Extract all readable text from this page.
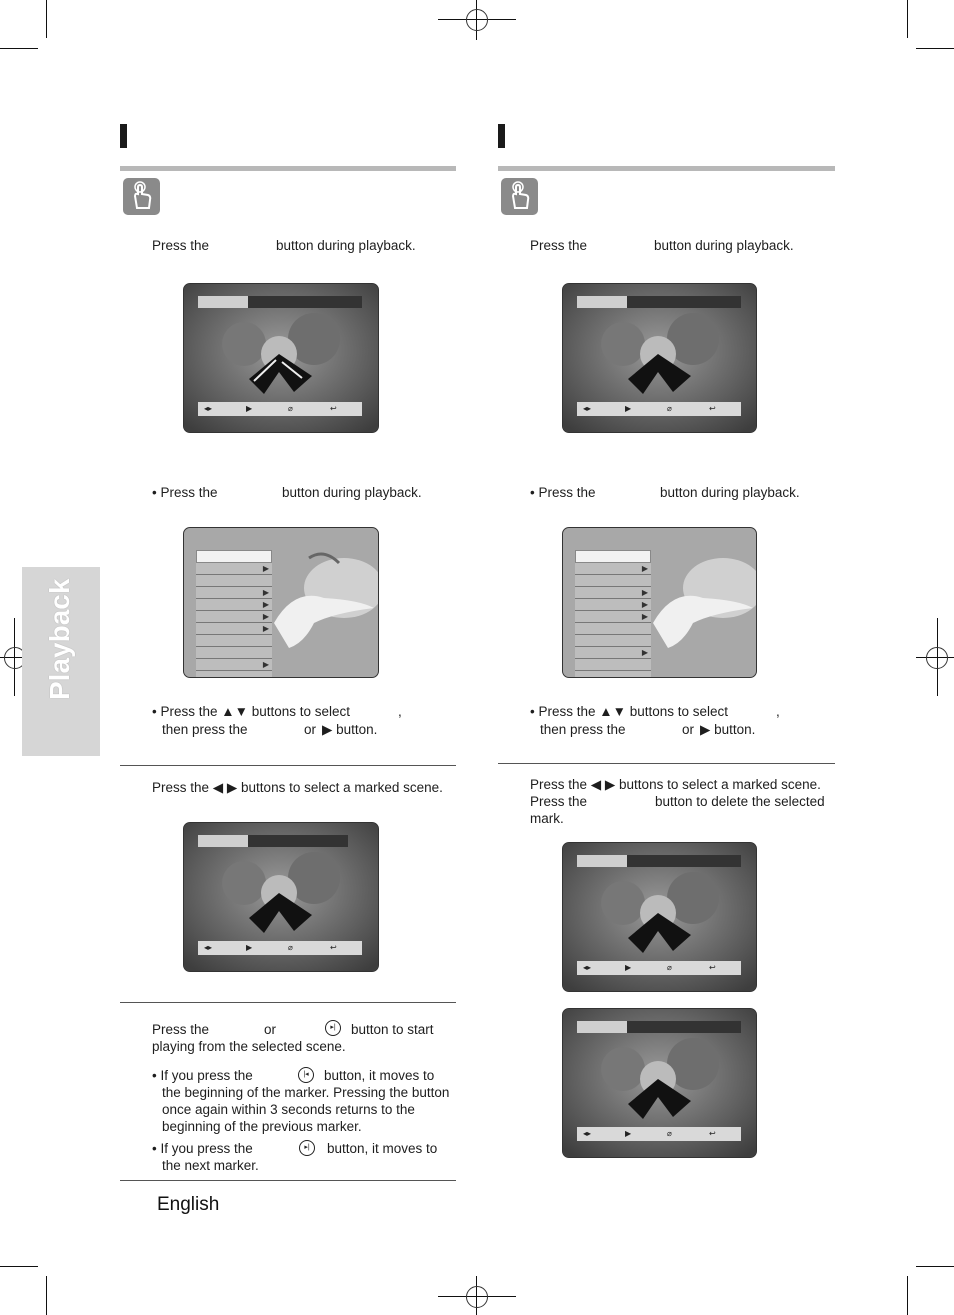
Playback
Press the	button during playback.
◂▸	▶	⌀	↩
• Press the	button during playback.
▶
▶
▶
▶
▶
▶
• Press the ▲▼ buttons to select	,
then press the	or ▶ button.
Press the ◀ ▶ buttons to select a marked scene.
◂▸	▶	⌀	↩
Press the	or	▸|	button to start
playing from the selected scene.
• If you press the	|◂	button, it moves to
the beginning of the marker. Pressing the button
once again within 3 seconds returns to the
beginning of the previous marker.
• If you press the	▸|	button, it moves to
the next marker.
English
Press the	button during playback.
◂▸	▶	⌀	↩
• Press the	button during playback.
▶
▶
▶
▶
▶
• Press the ▲▼ buttons to select	,
then press the	or ▶ button.
Press the ◀ ▶ buttons to select a marked scene.
Press the	button to delete the selected
mark.
◂▸	▶	⌀	↩
◂▸	▶	⌀	↩
